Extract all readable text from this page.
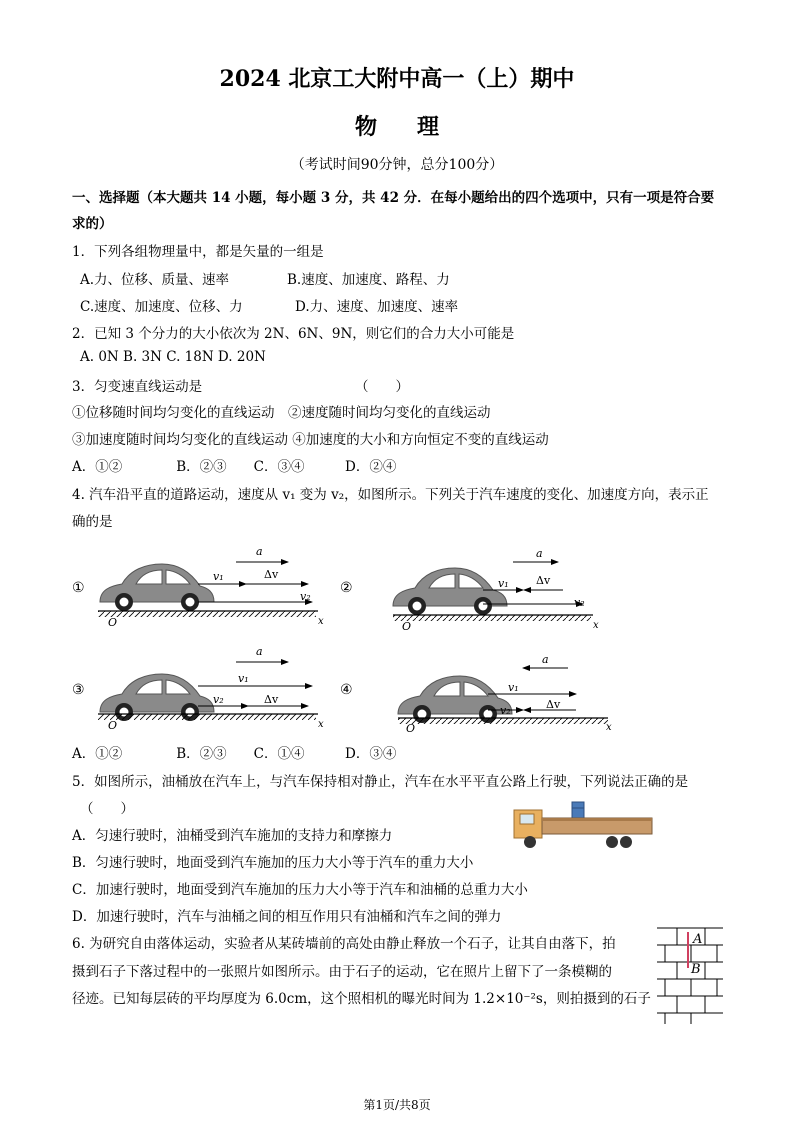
2024 北京工大附中高一（上）期中
物理
（考试时间90分钟，总分100分）
一、选择题（本大题共 14 小题，每小题 3 分，共 42 分．在每小题给出的四个选项中，只有一项是符合要
求的）
1．下列各组物理量中，都是矢量的一组是
A.力、位移、质量、速率	B.速度、加速度、路程、力
C.速度、加速度、位移、力	D.力、速度、加速度、速率
2．已知 3 个分力的大小依次为 2N、6N、9N，则它们的合力大小可能是
A. 0N B. 3N C. 18N D. 20N
3．匀变速直线运动是	（　　）
①位移随时间均匀变化的直线运动　②速度随时间均匀变化的直线运动
③加速度随时间均匀变化的直线运动 ④加速度的大小和方向恒定不变的直线运动
A．①②　　　　B．②③　　C．③④　　　D．②④
4. 汽车沿平直的道路运动，速度从 v₁ 变为 v₂，如图所示。下列关于汽车速度的变化、加速度方向，表示正
确的是
①
x
O
a
v₁	Δv
v₂
②
x
O
a
v₁ Δv
v₂
③
x
O
a
v₁
v₂	Δv
④
x
O
a
v₁
v₂	Δv
A．①②　　　　B．②③　　C．①④　　　D．③④
5．如图所示，油桶放在汽车上，与汽车保持相对静止，汽车在水平平直公路上行驶，下列说法正确的是
（　　）
A．匀速行驶时，油桶受到汽车施加的支持力和摩擦力
B．匀速行驶时，地面受到汽车施加的压力大小等于汽车的重力大小
C．加速行驶时，地面受到汽车施加的压力大小等于汽车和油桶的总重力大小
D．加速行驶时，汽车与油桶之间的相互作用只有油桶和汽车之间的弹力
6. 为研究自由落体运动，实验者从某砖墙前的高处由静止释放一个石子，让其自由落下，拍
摄到石子下落过程中的一张照片如图所示。由于石子的运动，它在照片上留下了一条模糊的
径迹。已知每层砖的平均厚度为 6.0cm，这个照相机的曝光时间为 1.2×10⁻²s，则拍摄到的石子
A
B
第1页/共8页
